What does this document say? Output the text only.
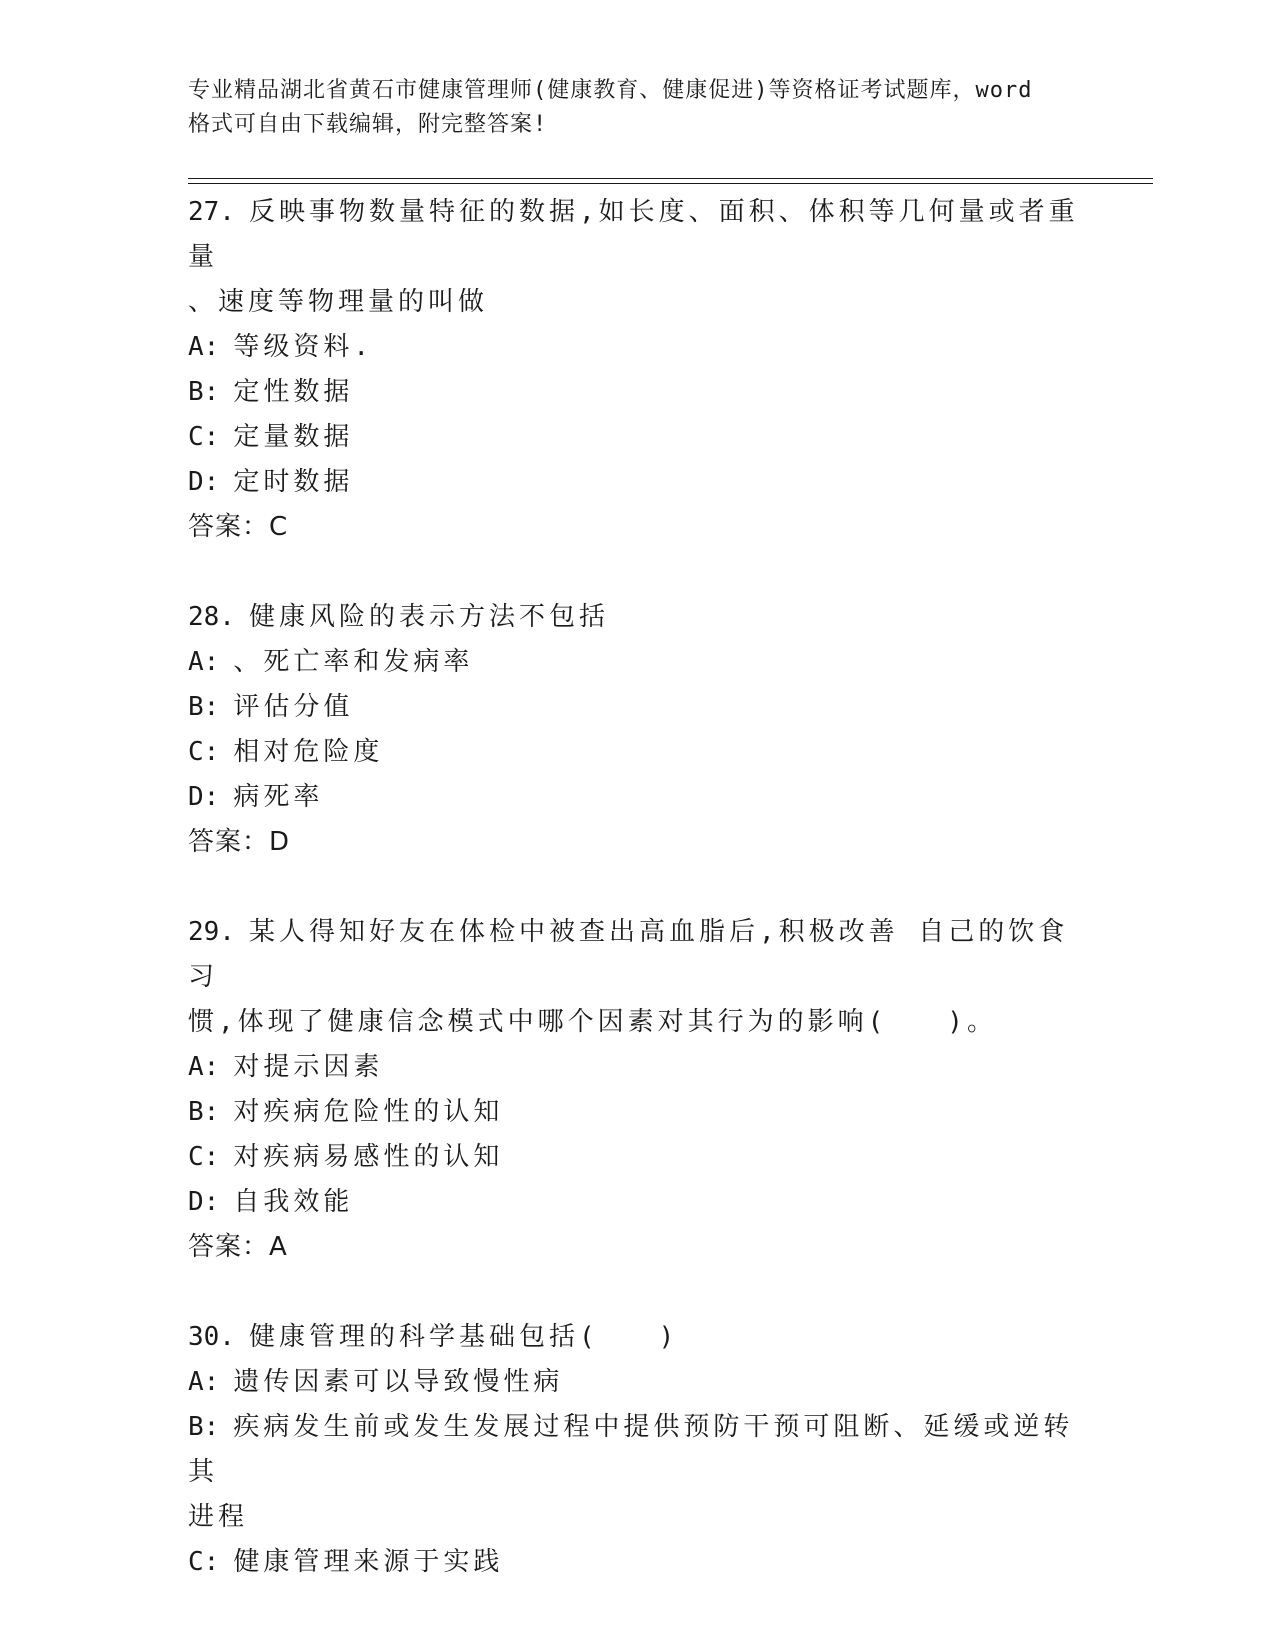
专业精品湖北省黄石市健康管理师(健康教育、健康促进)等资格证考试题库，word
格式可自由下载编辑，附完整答案!
27. 反映事物数量特征的数据,如长度、面积、体积等几何量或者重量
、速度等物理量的叫做
A: 等级资料.
B: 定性数据
C: 定量数据
D: 定时数据
答案：C
28. 健康风险的表示方法不包括
A: 、死亡率和发病率
B: 评估分值
C: 相对危险度
D: 病死率
答案：D
29. 某人得知好友在体检中被查出高血脂后,积极改善 自己的饮食习
惯,体现了健康信念模式中哪个因素对其行为的影响(　　)。
A: 对提示因素
B: 对疾病危险性的认知
C: 对疾病易感性的认知
D: 自我效能
答案：A
30. 健康管理的科学基础包括(　　)
A: 遗传因素可以导致慢性病
B: 疾病发生前或发生发展过程中提供预防干预可阻断、延缓或逆转其
进程
C: 健康管理来源于实践
